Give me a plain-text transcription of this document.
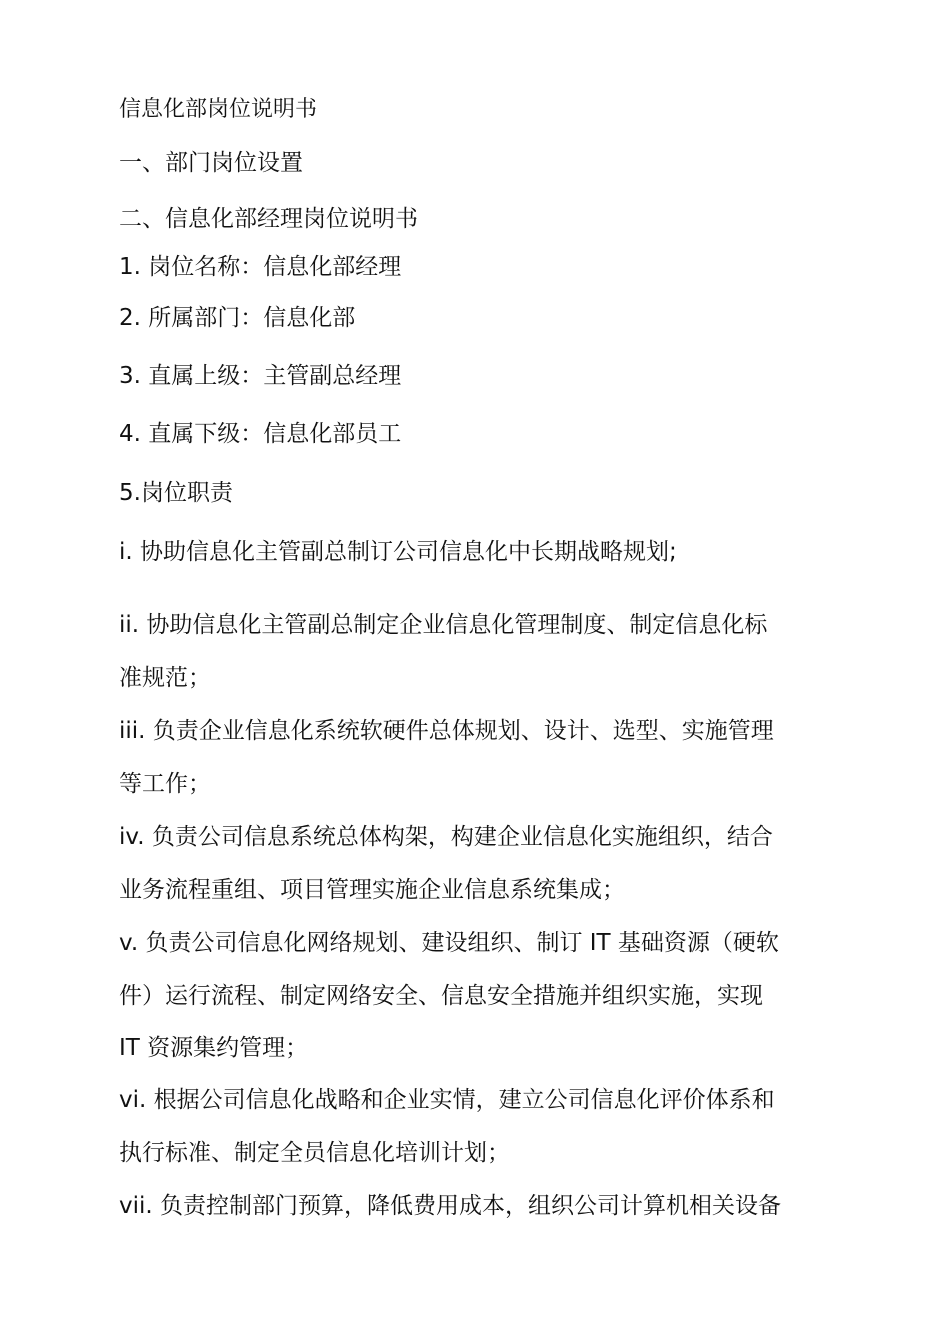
信息化部岗位说明书
一、部门岗位设置
二、信息化部经理岗位说明书
1. 岗位名称：信息化部经理
2. 所属部门：信息化部
3. 直属上级：主管副总经理
4. 直属下级：信息化部员工
5.岗位职责
i. 协助信息化主管副总制订公司信息化中长期战略规划;
ii. 协助信息化主管副总制定企业信息化管理制度、制定信息化标
准规范；
iii. 负责企业信息化系统软硬件总体规划、设计、选型、实施管理
等工作；
iv. 负责公司信息系统总体构架，构建企业信息化实施组织，结合
业务流程重组、项目管理实施企业信息系统集成；
v. 负责公司信息化网络规划、建设组织、制订 IT 基础资源（硬软
件）运行流程、制定网络安全、信息安全措施并组织实施，实现
IT 资源集约管理；
vi. 根据公司信息化战略和企业实情，建立公司信息化评价体系和
执行标准、制定全员信息化培训计划；
vii. 负责控制部门预算，降低费用成本，组织公司计算机相关设备
